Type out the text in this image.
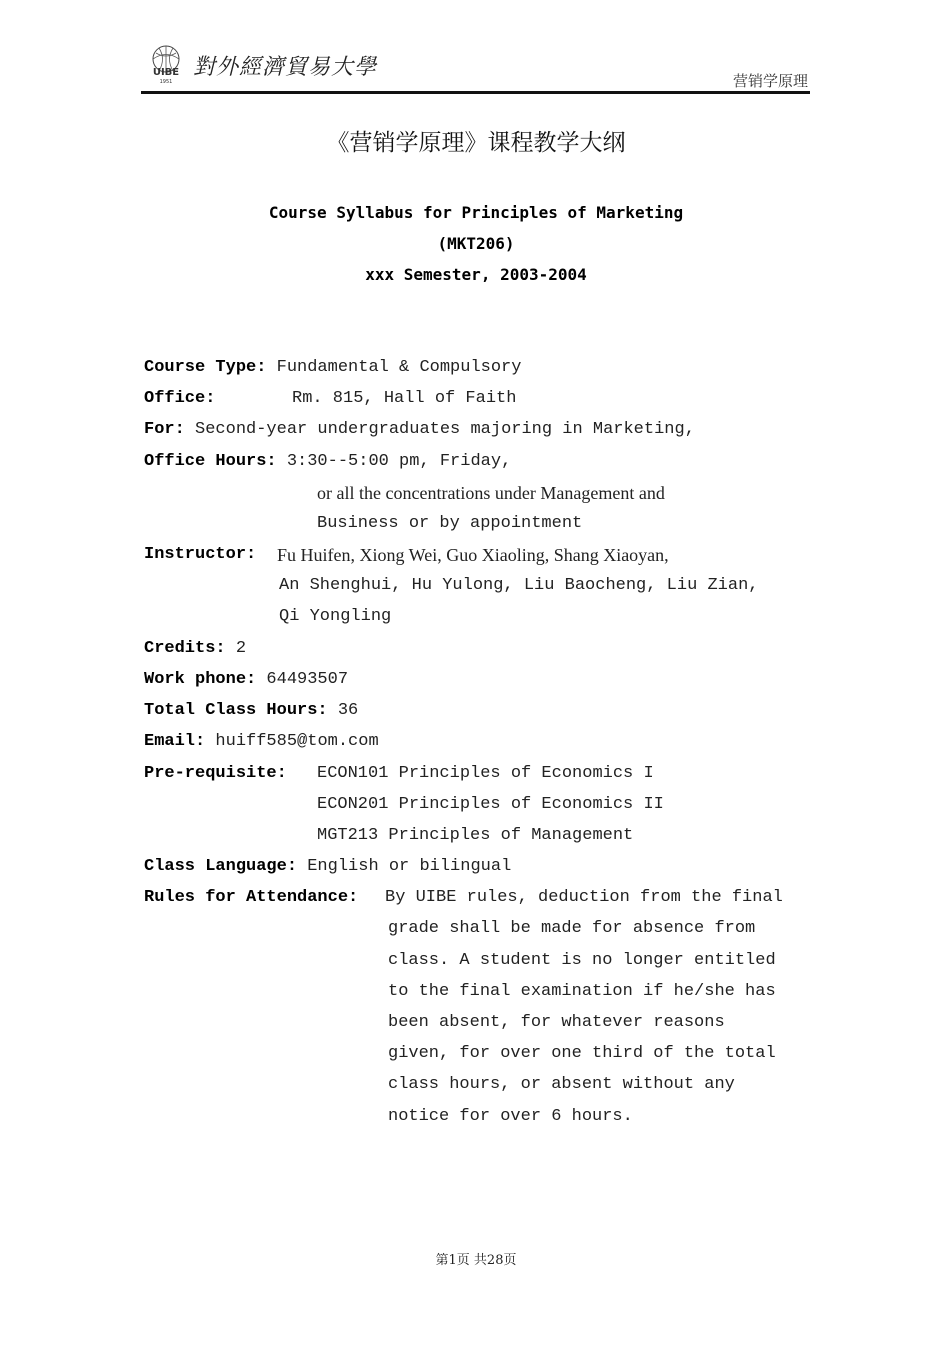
UIBE
1951
對外經濟貿易大學
营销学原理
《营销学原理》课程教学大纲
Course Syllabus for Principles of Marketing
(MKT206)
xxx Semester, 2003-2004
Course Type: Fundamental & Compulsory
Office:	Rm. 815, Hall of Faith
For: Second-year undergraduates majoring in Marketing,
Office Hours: 3:30--5:00 pm, Friday,
or all the concentrations under Management and
Business or by appointment
Instructor: Fu Huifen, Xiong Wei, Guo Xiaoling, Shang Xiaoyan,
An Shenghui, Hu Yulong, Liu Baocheng, Liu Zian,
Qi Yongling
Credits: 2
Work phone: 64493507
Total Class Hours: 36
Email: huiff585@tom.com
Pre-requisite: ECON101 Principles of Economics I
ECON201 Principles of Economics II
MGT213 Principles of Management
Class Language: English or bilingual
Rules for Attendance: By UIBE rules, deduction from the final
grade shall be made for absence from
class. A student is no longer entitled
to the final examination if he/she has
been absent, for whatever reasons
given, for over one third of the total
class hours, or absent without any
notice for over 6 hours.
第1页 共28页
